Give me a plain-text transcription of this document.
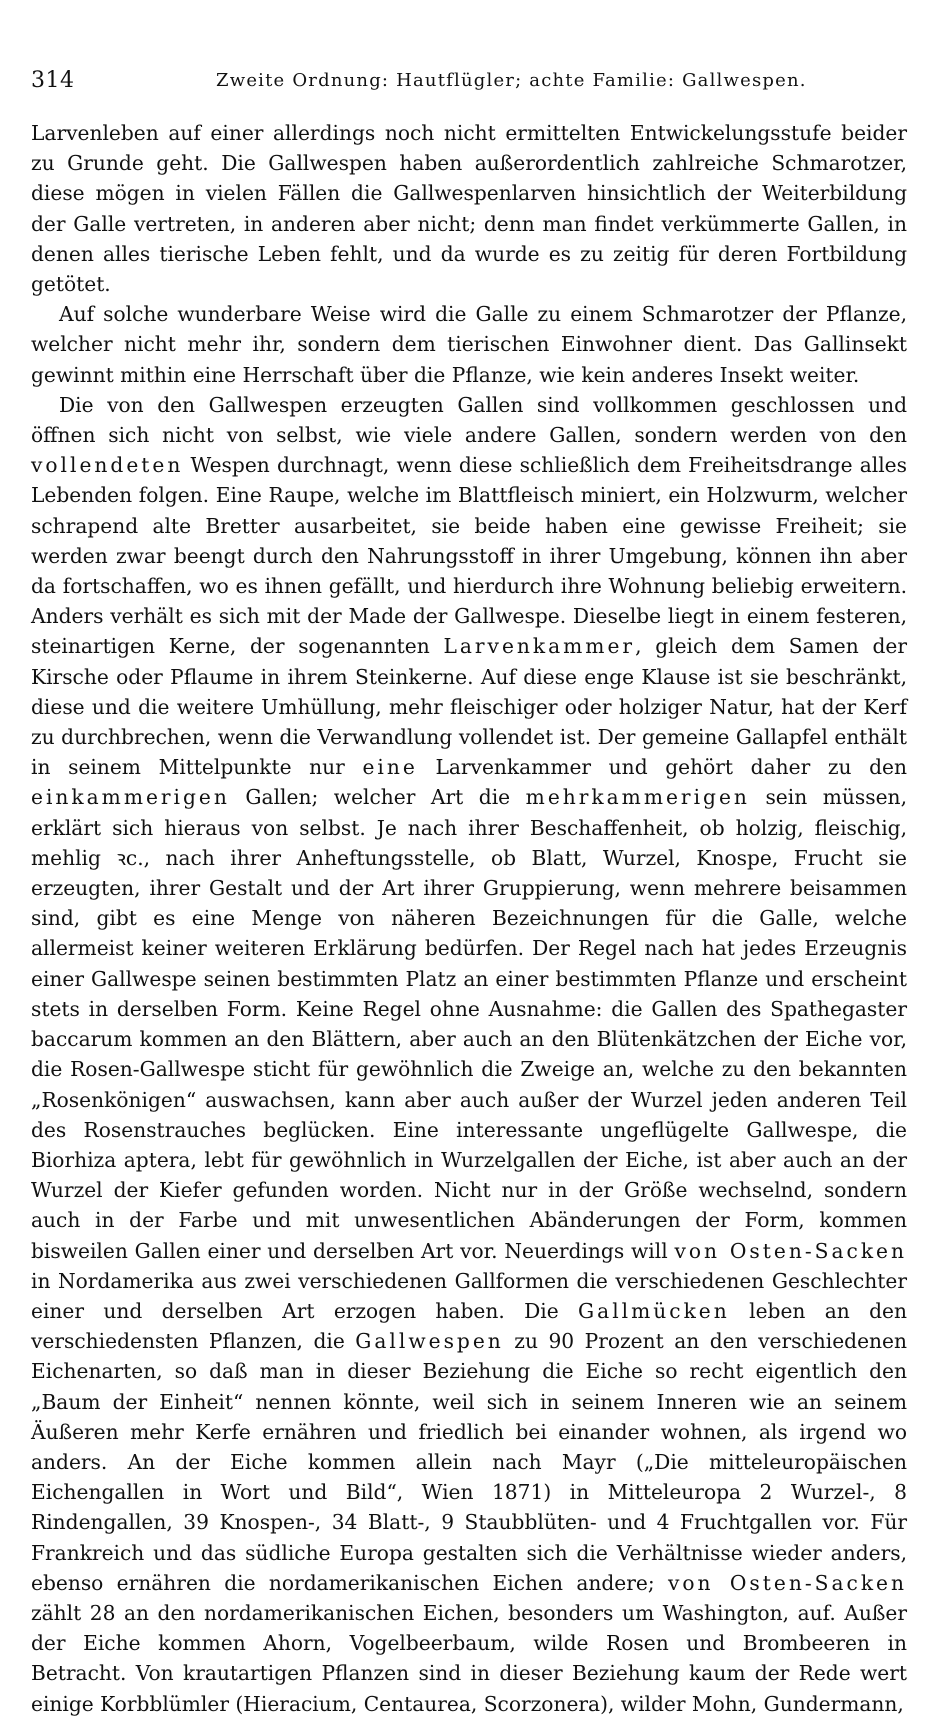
314	Zweite Ordnung: Hautflügler; achte Familie: Gallwespen.

Larvenleben auf einer allerdings noch nicht ermittelten Entwickelungsstufe beider zu Grunde geht. Die Gallwespen haben außerordentlich zahlreiche Schmarotzer, diese mögen in vielen Fällen die Gallwespenlarven hinsichtlich der Weiterbildung der Galle vertreten, in anderen aber nicht; denn man findet verkümmerte Gallen, in denen alles tierische Leben fehlt, und da wurde es zu zeitig für deren Fortbildung getötet.

Auf solche wunderbare Weise wird die Galle zu einem Schmarotzer der Pflanze, welcher nicht mehr ihr, sondern dem tierischen Einwohner dient. Das Gallinsekt gewinnt mithin eine Herrschaft über die Pflanze, wie kein anderes Insekt weiter.

Die von den Gallwespen erzeugten Gallen sind vollkommen geschlossen und öffnen sich nicht von selbst, wie viele andere Gallen, sondern werden von den vollendeten Wespen durchnagt, wenn diese schließlich dem Freiheitsdrange alles Lebenden folgen. Eine Raupe, welche im Blattfleisch miniert, ein Holzwurm, welcher schrapend alte Bretter ausarbeitet, sie beide haben eine gewisse Freiheit; sie werden zwar beengt durch den Nahrungsstoff in ihrer Umgebung, können ihn aber da fortschaffen, wo es ihnen gefällt, und hierdurch ihre Wohnung beliebig erweitern. Anders verhält es sich mit der Made der Gallwespe. Dieselbe liegt in einem festeren, steinartigen Kerne, der sogenannten Larvenkammer, gleich dem Samen der Kirsche oder Pflaume in ihrem Steinkerne. Auf diese enge Klause ist sie beschränkt, diese und die weitere Umhüllung, mehr fleischiger oder holziger Natur, hat der Kerf zu durchbrechen, wenn die Verwandlung vollendet ist. Der gemeine Gallapfel enthält in seinem Mittelpunkte nur eine Larvenkammer und gehört daher zu den einkammerigen Gallen; welcher Art die mehrkammerigen sein müssen, erklärt sich hieraus von selbst. Je nach ihrer Beschaffenheit, ob holzig, fleischig, mehlig ꝛc., nach ihrer Anheftungsstelle, ob Blatt, Wurzel, Knospe, Frucht sie erzeugten, ihrer Gestalt und der Art ihrer Gruppierung, wenn mehrere beisammen sind, gibt es eine Menge von näheren Bezeichnungen für die Galle, welche allermeist keiner weiteren Erklärung bedürfen. Der Regel nach hat jedes Erzeugnis einer Gallwespe seinen bestimmten Platz an einer bestimmten Pflanze und erscheint stets in derselben Form. Keine Regel ohne Ausnahme: die Gallen des Spathegaster baccarum kommen an den Blättern, aber auch an den Blütenkätzchen der Eiche vor, die Rosen-Gallwespe sticht für gewöhnlich die Zweige an, welche zu den bekannten „Rosenkönigen“ auswachsen, kann aber auch außer der Wurzel jeden anderen Teil des Rosenstrauches beglücken. Eine interessante ungeflügelte Gallwespe, die Biorhiza aptera, lebt für gewöhnlich in Wurzelgallen der Eiche, ist aber auch an der Wurzel der Kiefer gefunden worden. Nicht nur in der Größe wechselnd, sondern auch in der Farbe und mit unwesentlichen Abänderungen der Form, kommen bisweilen Gallen einer und derselben Art vor. Neuerdings will von Osten-Sacken in Nordamerika aus zwei verschiedenen Gallformen die verschiedenen Geschlechter einer und derselben Art erzogen haben. Die Gallmücken leben an den verschiedensten Pflanzen, die Gallwespen zu 90 Prozent an den verschiedenen Eichenarten, so daß man in dieser Beziehung die Eiche so recht eigentlich den „Baum der Einheit“ nennen könnte, weil sich in seinem Inneren wie an seinem Äußeren mehr Kerfe ernähren und friedlich bei einander wohnen, als irgend wo anders. An der Eiche kommen allein nach Mayr („Die mitteleuropäischen Eichengallen in Wort und Bild“, Wien 1871) in Mitteleuropa 2 Wurzel-, 8 Rindengallen, 39 Knospen-, 34 Blatt-, 9 Staubblüten- und 4 Fruchtgallen vor. Für Frankreich und das südliche Europa gestalten sich die Verhältnisse wieder anders, ebenso ernähren die nordamerikanischen Eichen andere; von Osten-Sacken zählt 28 an den nordamerikanischen Eichen, besonders um Washington, auf. Außer der Eiche kommen Ahorn, Vogelbeerbaum, wilde Rosen und Brombeeren in Betracht. Von krautartigen Pflanzen sind in dieser Beziehung kaum der Rede wert einige Korbblümler (Hieracium, Centaurea, Scorzonera), wilder Mohn, Gundermann,
